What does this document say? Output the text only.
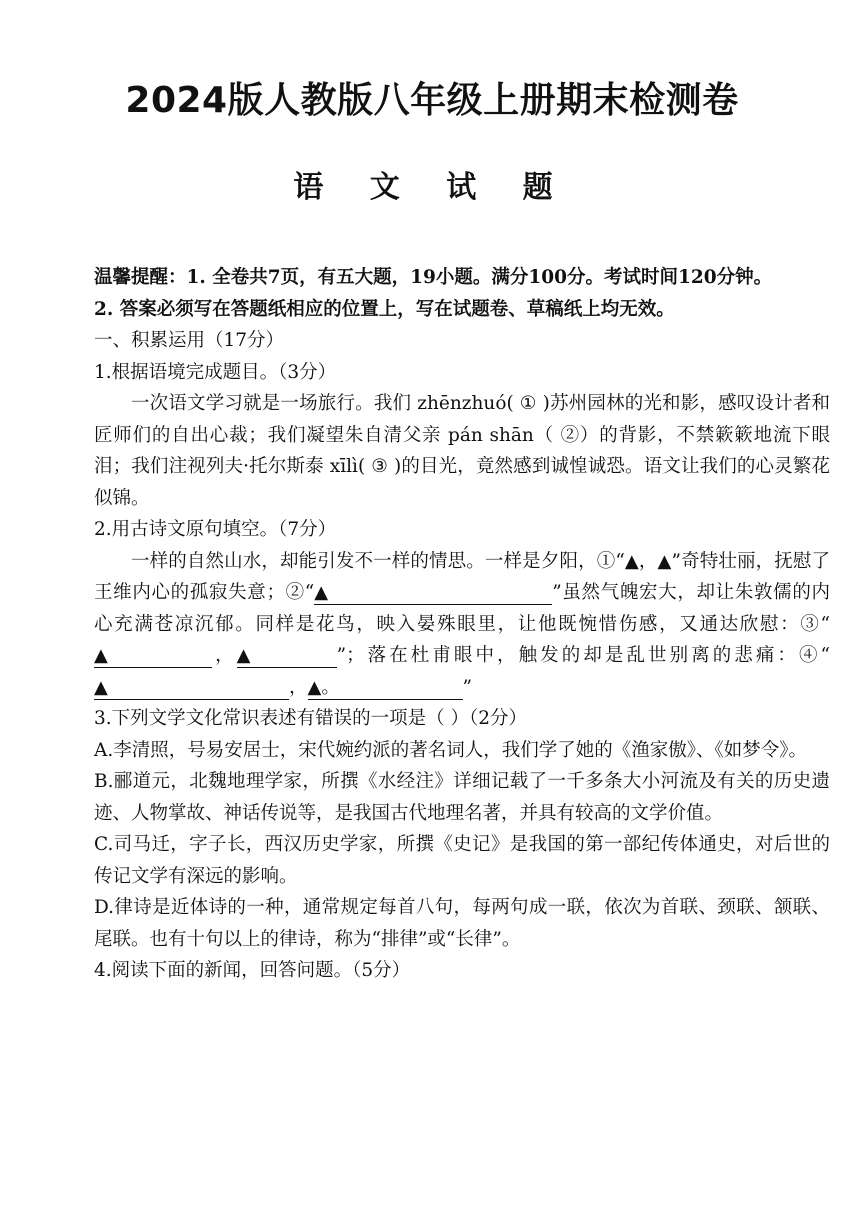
2024版人教版八年级上册期末检测卷
语 文 试 题

温馨提醒：1. 全卷共7页，有五大题，19小题。满分100分。考试时间120分钟。

2. 答案必须写在答题纸相应的位置上，写在试题卷、草稿纸上均无效。

一、积累运用（17分）

1.根据语境完成题目。（3分）

一次语文学习就是一场旅行。我们 zhēnzhuó( ① )苏州园林的光和影，感叹设计者和匠师们的自出心裁；我们凝望朱自清父亲 pán shān（ ②）的背影，不禁簌簌地流下眼泪；我们注视列夫·托尔斯泰 xīlì( ③ )的目光，竟然感到诚惶诚恐。语文让我们的心灵繁花似锦。

2.用古诗文原句填空。（7分）

一样的自然山水，却能引发不一样的情思。一样是夕阳，①“▲，▲”奇特壮丽，抚慰了王维内心的孤寂失意；②“▲	”虽然气魄宏大，却让朱敦儒的内心充满苍凉沉郁。同样是花鸟，映入晏殊眼里，让他既惋惜伤感，又通达欣慰：③“▲	，▲	”；落在杜甫眼中，触发的却是乱世别离的悲痛：④“▲	，▲。	”

3.下列文学文化常识表述有错误的一项是（ ）（2分）

A.李清照，号易安居士，宋代婉约派的著名词人，我们学了她的《渔家傲》、《如梦令》。

B.郦道元，北魏地理学家，所撰《水经注》详细记载了一千多条大小河流及有关的历史遗迹、人物掌故、神话传说等，是我国古代地理名著，并具有较高的文学价值。

C.司马迁，字子长，西汉历史学家，所撰《史记》是我国的第一部纪传体通史，对后世的传记文学有深远的影响。

D.律诗是近体诗的一种，通常规定每首八句，每两句成一联，依次为首联、颈联、颔联、尾联。也有十句以上的律诗，称为“排律”或“长律”。

4.阅读下面的新闻，回答问题。（5分）
